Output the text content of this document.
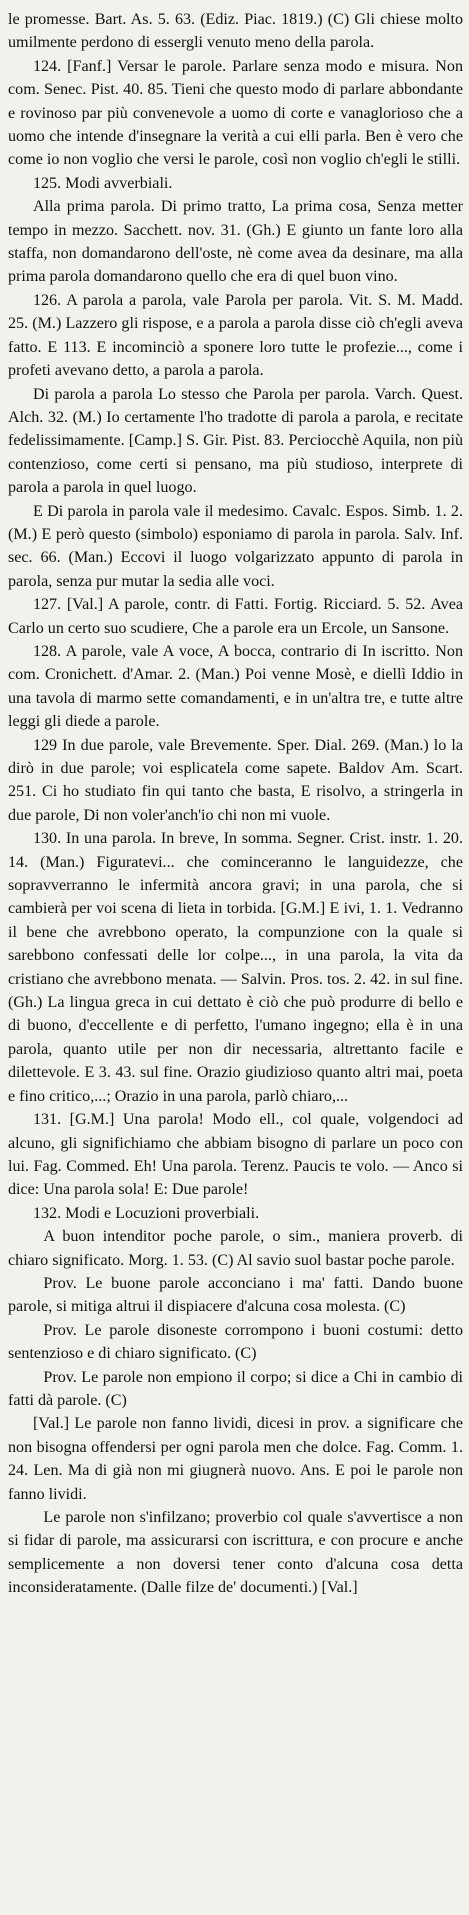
le promesse. Bart. As. 5. 63. (Ediz. Piac. 1819.) (C) Gli chiese molto umilmente perdono di essergli venuto meno della parola.

124. [Fanf.] Versar le parole. Parlare senza modo e misura. Non com. Senec. Pist. 40. 85. Tieni che questo modo di parlare abbondante e rovinoso par più convenevole a uomo di corte e vanaglorioso che a uomo che intende d'insegnare la verità a cui elli parla. Ben è vero che come io non voglio che versi le parole, così non voglio ch'egli le stilli.

125. Modi avverbiali.

Alla prima parola. Di primo tratto, La prima cosa, Senza metter tempo in mezzo. Sacchett. nov. 31. (Gh.) E giunto un fante loro alla staffa, non domandarono dell'oste, nè come avea da desinare, ma alla prima parola domandarono quello che era di quel buon vino.

126. A parola a parola, vale Parola per parola. Vit. S. M. Madd. 25. (M.) Lazzero gli rispose, e a parola a parola disse ciò ch'egli aveva fatto. E 113. E incominciò a sponere loro tutte le profezie..., come i profeti avevano detto, a parola a parola.

Di parola a parola Lo stesso che Parola per parola. Varch. Quest. Alch. 32. (M.) Io certamente l'ho tradotte di parola a parola, e recitate fedelissimamente. [Camp.] S. Gir. Pist. 83. Perciocchè Aquila, non più contenzioso, come certi si pensano, ma più studioso, interprete di parola a parola in quel luogo.

E Di parola in parola vale il medesimo. Cavalc. Espos. Simb. 1. 2. (M.) E però questo (simbolo) esponiamo di parola in parola. Salv. Inf. sec. 66. (Man.) Eccovi il luogo volgarizzato appunto di parola in parola, senza pur mutar la sedia alle voci.

127. [Val.] A parole, contr. di Fatti. Fortig. Ricciard. 5. 52. Avea Carlo un certo suo scudiere, Che a parole era un Ercole, un Sansone.

128. A parole, vale A voce, A bocca, contrario di In iscritto. Non com. Cronichett. d'Amar. 2. (Man.) Poi venne Mosè, e diellì Iddio in una tavola di marmo sette comandamenti, e in un'altra tre, e tutte altre leggi gli diede a parole.

129 In due parole, vale Brevemente. Sper. Dial. 269. (Man.) lo la dirò in due parole; voi esplicatela come sapete. Baldov Am. Scart. 251. Ci ho studiato fin qui tanto che basta, E risolvo, a stringerla in due parole, Di non voler'anch'io chi non mi vuole.

130. In una parola. In breve, In somma. Segner. Crist. instr. 1. 20. 14. (Man.) Figuratevi... che cominceranno le languidezze, che sopravverranno le infermità ancora gravi; in una parola, che si cambierà per voi scena di lieta in torbida. [G.M.] E ivi, 1. 1. Vedranno il bene che avrebbono operato, la compunzione con la quale si sarebbono confessati delle lor colpe..., in una parola, la vita da cristiano che avrebbono menata. — Salvin. Pros. tos. 2. 42. in sul fine. (Gh.) La lingua greca in cui dettato è ciò che può produrre di bello e di buono, d'eccellente e di perfetto, l'umano ingegno; ella è in una parola, quanto utile per non dir necessaria, altrettanto facile e dilettevole. E 3. 43. sul fine. Orazio giudizioso quanto altri mai, poeta e fino critico,...; Orazio in una parola, parlò chiaro,...

131. [G.M.] Una parola! Modo ell., col quale, volgendoci ad alcuno, gli significhiamo che abbiam bisogno di parlare un poco con lui. Fag. Commed. Eh! Una parola. Terenz. Paucis te volo. — Anco si dice: Una parola sola! E: Due parole!

132. Modi e Locuzioni proverbiali.

A buon intenditor poche parole, o sim., maniera proverb. di chiaro significato. Morg. 1. 53. (C) Al savio suol bastar poche parole.

Prov. Le buone parole acconciano i ma' fatti. Dando buone parole, si mitiga altrui il dispiacere d'alcuna cosa molesta. (C)

Prov. Le parole disoneste corrompono i buoni costumi: detto sentenzioso e di chiaro significato. (C)

Prov. Le parole non empiono il corpo; si dice a Chi in cambio di fatti dà parole. (C)

[Val.] Le parole non fanno lividi, dicesi in prov. a significare che non bisogna offendersi per ogni parola men che dolce. Fag. Comm. 1. 24. Len. Ma di già non mi giugnerà nuovo. Ans. E poi le parole non fanno lividi.

Le parole non s'infilzano; proverbio col quale s'avvertisce a non si fidar di parole, ma assicurarsi con iscrittura, e con procure e anche semplicemente a non doversi tener conto d'alcuna cosa detta inconsideratamente. (Dalle filze de' documenti.) [Val.]
